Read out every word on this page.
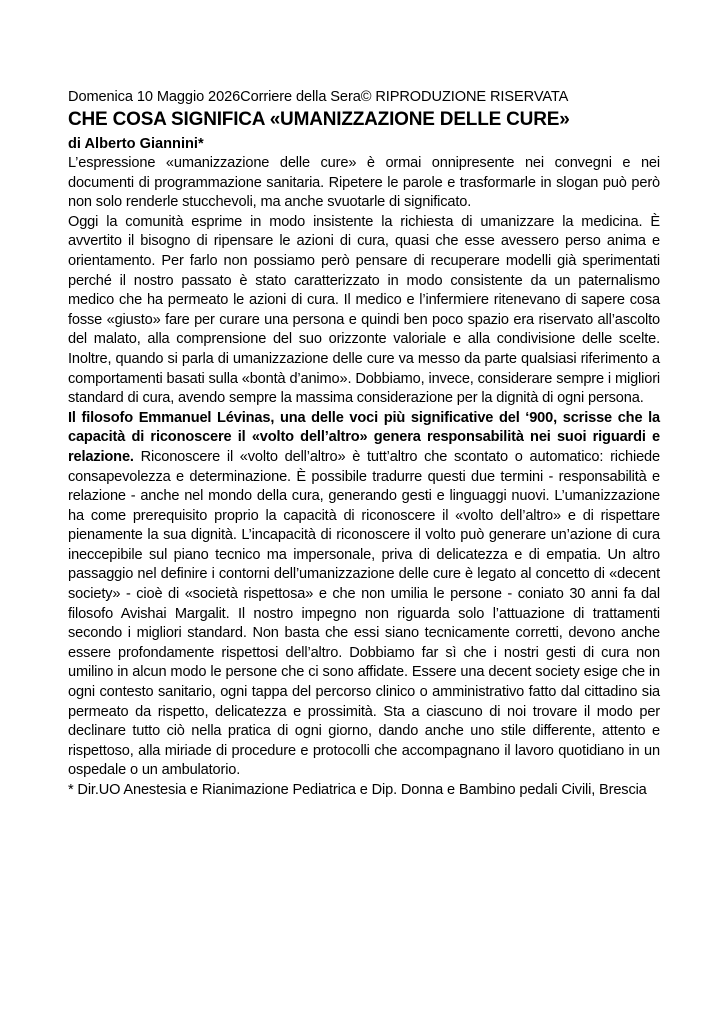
Domenica 10 Maggio 2026Corriere della Sera© RIPRODUZIONE RISERVATA

CHE COSA SIGNIFICA «UMANIZZAZIONE DELLE CURE»

di Alberto Giannini*

L’espressione «umanizzazione delle cure» è ormai onnipresente nei convegni e nei documenti di programmazione sanitaria. Ripetere le parole e trasformarle in slogan può però non solo renderle stucchevoli, ma anche svuotarle di significato.

Oggi la comunità esprime in modo insistente la richiesta di umanizzare la medicina. È avvertito il bisogno di ripensare le azioni di cura, quasi che esse avessero perso anima e orientamento. Per farlo non possiamo però pensare di recuperare modelli già sperimentati perché il nostro passato è stato caratterizzato in modo consistente da un paternalismo medico che ha permeato le azioni di cura. Il medico e l’infermiere ritenevano di sapere cosa fosse «giusto» fare per curare una persona e quindi ben poco spazio era riservato all’ascolto del malato, alla comprensione del suo orizzonte valoriale e alla condivisione delle scelte. Inoltre, quando si parla di umanizzazione delle cure va messo da parte qualsiasi riferimento a comportamenti basati sulla «bontà d’animo». Dobbiamo, invece, considerare sempre i migliori standard di cura, avendo sempre la massima considerazione per la dignità di ogni persona.

Il filosofo Emmanuel Lévinas, una delle voci più significative del ‘900, scrisse che la capacità di riconoscere il «volto dell’altro» genera responsabilità nei suoi riguardi e relazione. Riconoscere il «volto dell’altro» è tutt’altro che scontato o automatico: richiede consapevolezza e determinazione. È possibile tradurre questi due termini - responsabilità e relazione - anche nel mondo della cura, generando gesti e linguaggi nuovi. L’umanizzazione ha come prerequisito proprio la capacità di riconoscere il «volto dell’altro» e di rispettare pienamente la sua dignità. L’incapacità di riconoscere il volto può generare un’azione di cura ineccepibile sul piano tecnico ma impersonale, priva di delicatezza e di empatia. Un altro passaggio nel definire i contorni dell’umanizzazione delle cure è legato al concetto di «decent society» - cioè di «società rispettosa» e che non umilia le persone - coniato 30 anni fa dal filosofo Avishai Margalit. Il nostro impegno non riguarda solo l’attuazione di trattamenti secondo i migliori standard. Non basta che essi siano tecnicamente corretti, devono anche essere profondamente rispettosi dell’altro. Dobbiamo far sì che i nostri gesti di cura non umilino in alcun modo le persone che ci sono affidate. Essere una decent society esige che in ogni contesto sanitario, ogni tappa del percorso clinico o amministrativo fatto dal cittadino sia permeato da rispetto, delicatezza e prossimità. Sta a ciascuno di noi trovare il modo per declinare tutto ciò nella pratica di ogni giorno, dando anche uno stile differente, attento e rispettoso, alla miriade di procedure e protocolli che accompagnano il lavoro quotidiano in un ospedale o un ambulatorio.

* Dir.UO Anestesia e Rianimazione Pediatrica e Dip. Donna e Bambino pedali Civili, Brescia
